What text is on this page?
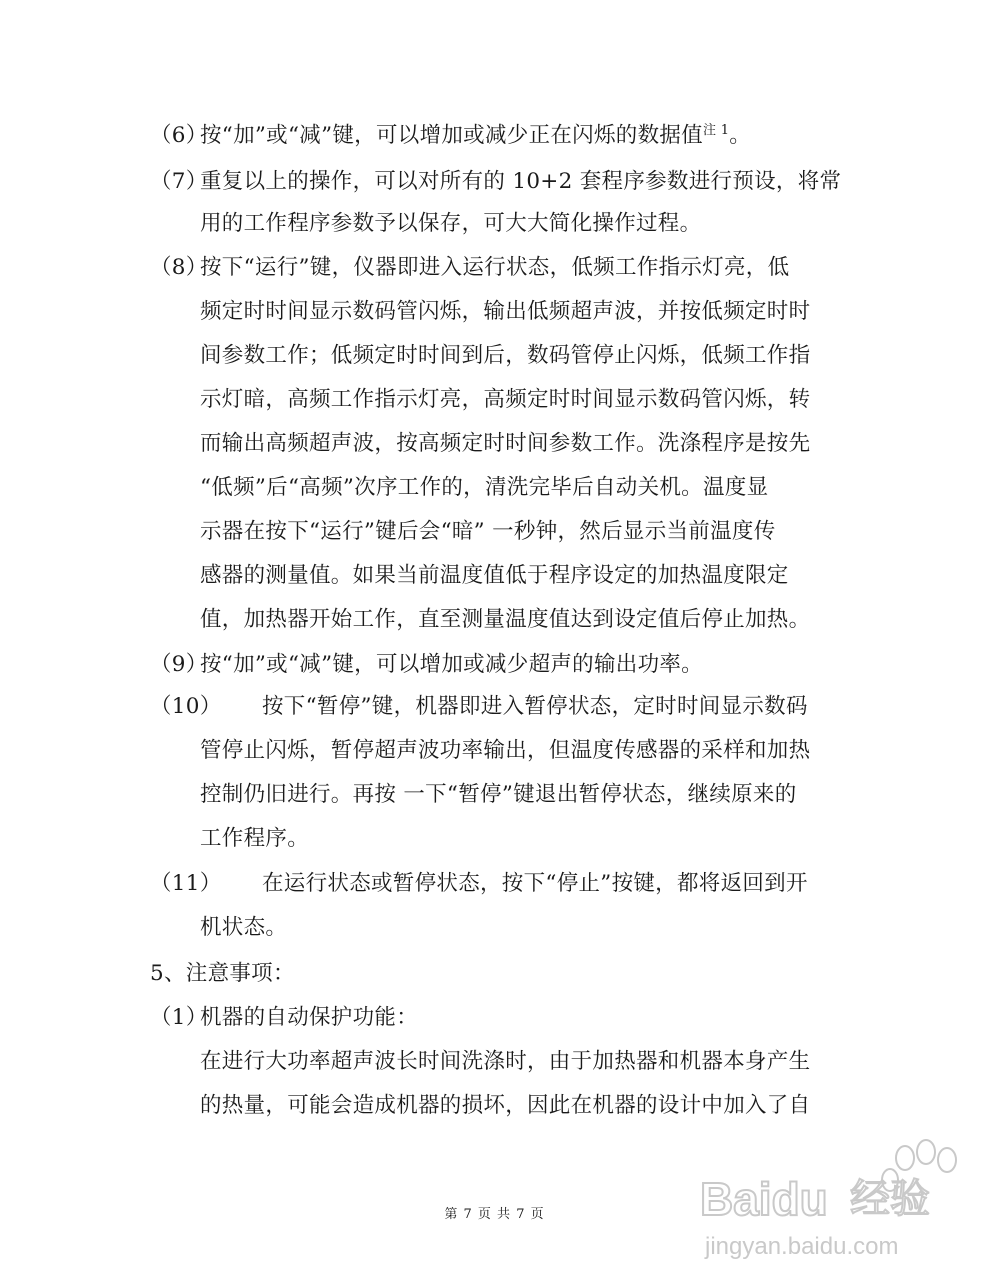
（6）
按“加”或“减”键，可以增加或减少正在闪烁的数据值$^{注 1}$。
（7）
重复以上的操作，可以对所有的 10+2 套程序参数进行预设，将常
用的工作程序参数予以保存，可大大简化操作过程。
（8）
按下“运行”键，仪器即进入运行状态，低频工作指示灯亮，低
频定时时间显示数码管闪烁，输出低频超声波，并按低频定时时
间参数工作；低频定时时间到后，数码管停止闪烁，低频工作指
示灯暗，高频工作指示灯亮，高频定时时间显示数码管闪烁，转
而输出高频超声波，按高频定时时间参数工作。洗涤程序是按先
“低频”后“高频”次序工作的，清洗完毕后自动关机。温度显
示器在按下“运行”键后会“暗” 一秒钟，然后显示当前温度传
感器的测量值。如果当前温度值低于程序设定的加热温度限定
值，加热器开始工作，直至测量温度值达到设定值后停止加热。
（9）
按“加”或“减”键，可以增加或减少超声的输出功率。
（10） 按下“暂停”键，机器即进入暂停状态，定时时间显示数码
管停止闪烁，暂停超声波功率输出，但温度传感器的采样和加热
控制仍旧进行。再按 一下“暂停”键退出暂停状态，继续原来的
工作程序。
（11） 在运行状态或暂停状态，按下“停止”按键，都将返回到开
机状态。
5、注意事项：
（1）
机器的自动保护功能：
在进行大功率超声波长时间洗涤时，由于加热器和机器本身产生
的热量，可能会造成机器的损坏，因此在机器的设计中加入了自
第 7 页 共 7 页	Baidu 经验
jingyan.baidu.com
